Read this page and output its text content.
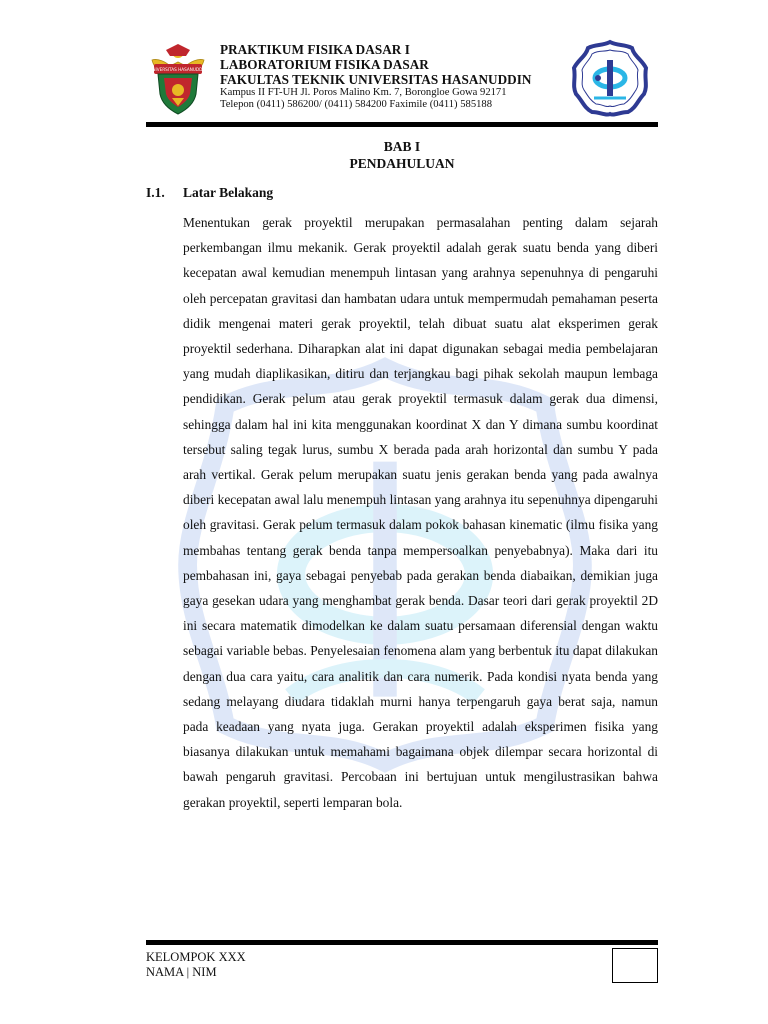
UNIVERSITAS HASANUDDIN
PRAKTIKUM FISIKA DASAR I
LABORATORIUM FISIKA DASAR
FAKULTAS TEKNIK UNIVERSITAS HASANUDDIN
Kampus II FT-UH Jl. Poros Malino Km. 7, Borongloe Gowa 92171
Telepon (0411) 586200/ (0411) 584200 Faximile (0411) 585188
BAB I
PENDAHULUAN
I.1. Latar Belakang

Menentukan gerak proyektil merupakan permasalahan penting dalam sejarah perkembangan ilmu mekanik. Gerak proyektil adalah gerak suatu benda yang diberi kecepatan awal kemudian menempuh lintasan yang arahnya sepenuhnya di pengaruhi oleh percepatan gravitasi dan hambatan udara untuk mempermudah pemahaman peserta didik mengenai materi gerak proyektil, telah dibuat suatu alat eksperimen gerak proyektil sederhana. Diharapkan alat ini dapat digunakan sebagai media pembelajaran yang mudah diaplikasikan, ditiru dan terjangkau bagi pihak sekolah maupun lembaga pendidikan. Gerak pelum atau gerak proyektil termasuk dalam gerak dua dimensi, sehingga dalam hal ini kita menggunakan koordinat X dan Y dimana sumbu koordinat tersebut saling tegak lurus, sumbu X berada pada arah horizontal dan sumbu Y pada arah vertikal. Gerak pelum merupakan suatu jenis gerakan benda yang pada awalnya diberi kecepatan awal lalu menempuh lintasan yang arahnya itu sepenuhnya dipengaruhi oleh gravitasi. Gerak pelum termasuk dalam pokok bahasan kinematic (ilmu fisika yang membahas tentang gerak benda tanpa mempersoalkan penyebabnya). Maka dari itu pembahasan ini, gaya sebagai penyebab pada gerakan benda diabaikan, demikian juga gaya gesekan udara yang menghambat gerak benda. Dasar teori dari gerak proyektil 2D ini secara matematik dimodelkan ke dalam suatu persamaan diferensial dengan waktu sebagai variable bebas. Penyelesaian fenomena alam yang berbentuk itu dapat dilakukan dengan dua cara yaitu, cara analitik dan cara numerik. Pada kondisi nyata benda yang sedang melayang diudara tidaklah murni hanya terpengaruh gaya berat saja, namun pada keadaan yang nyata juga. Gerakan proyektil adalah eksperimen fisika yang biasanya dilakukan untuk memahami bagaimana objek dilempar secara horizontal di bawah pengaruh gravitasi. Percobaan ini bertujuan untuk mengilustrasikan bahwa gerakan proyektil, seperti lemparan bola.

KELOMPOK XXX
NAMA | NIM
